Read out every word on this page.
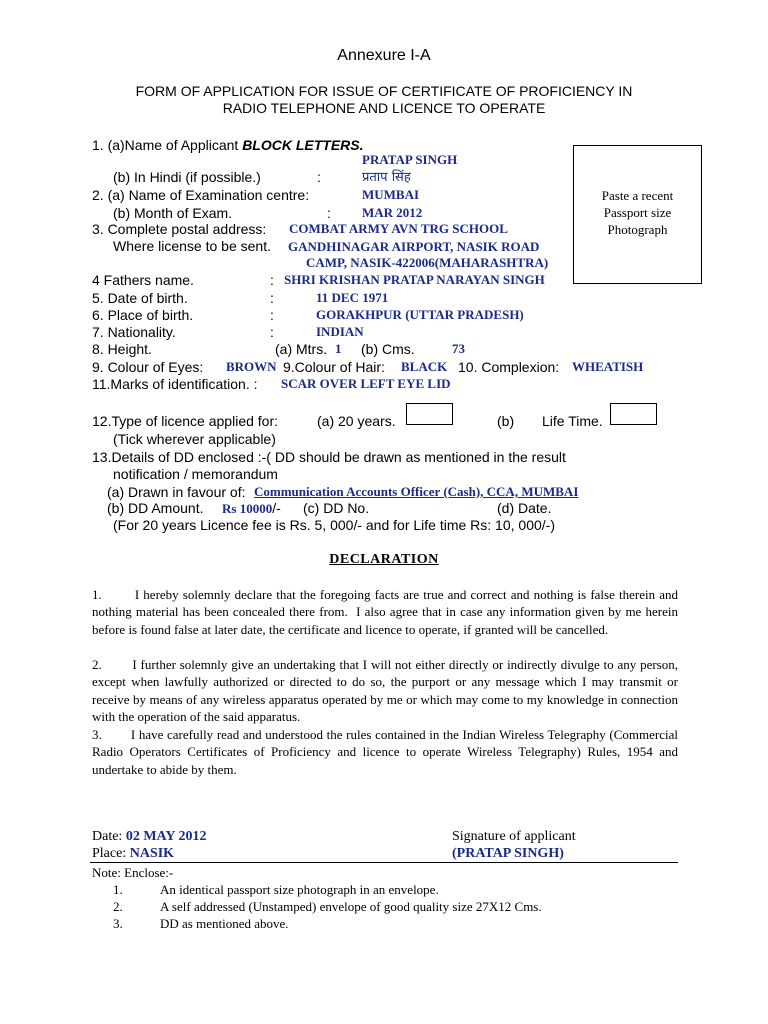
Annexure I-A
FORM OF APPLICATION FOR ISSUE OF CERTIFICATE OF PROFICIENCY IN
RADIO TELEPHONE AND LICENCE TO OPERATE
Paste a recent
Passport size
Photograph
1. (a)Name of Applicant BLOCK LETTERS.
PRATAP SINGH
(b) In Hindi (if possible.)	:	प्रताप सिंह
2. (a) Name of Examination centre:	MUMBAI
(b) Month of Exam.	: MAR 2012
3. Complete postal address: COMBAT ARMY AVN TRG SCHOOL
Where license to be sent. GANDHINAGAR AIRPORT, NASIK ROAD
CAMP, NASIK-422006(MAHARASHTRA)
4 Fathers name.	: SHRI KRISHAN PRATAP NARAYAN SINGH
5. Date of birth.	:	11 DEC 1971
6. Place of birth.	:	GORAKHPUR (UTTAR PRADESH)
7. Nationality.	:	INDIAN
8. Height.	(a) Mtrs. 1 (b) Cms.	73
9. Colour of Eyes: BROWN 9.Colour of Hair: BLACK 10. Complexion: WHEATISH
11.Marks of identification. : SCAR OVER LEFT EYE LID
12.Type of licence applied for:	(a) 20 years.	(b) Life Time.
(Tick wherever applicable)
13.Details of DD enclosed :-( DD should be drawn as mentioned in the result
notification / memorandum
(a) Drawn in favour of: Communication Accounts Officer (Cash), CCA, MUMBAI
(b) DD Amount. Rs 10000/- (c) DD No.	(d) Date.
(For 20 years Licence fee is Rs. 5, 000/- and for Life time Rs: 10, 000/-)
DECLARATION

1.        I hereby solemnly declare that the foregoing facts are true and correct and nothing is false therein and nothing material has been concealed there from.  I also agree that in case any information given by me herein before is found false at later date, the certificate and licence to operate, if granted will be cancelled.

2.        I further solemnly give an undertaking that I will not either directly or indirectly divulge to any person, except when lawfully authorized or directed to do so, the purport or any message which I may transmit or receive by means of any wireless apparatus operated by me or which may come to my knowledge in connection with the operation of the said apparatus.

3.        I have carefully read and understood the rules contained in the Indian Wireless Telegraphy (Commercial Radio Operators Certificates of Proficiency and licence to operate Wireless Telegraphy) Rules, 1954 and undertake to abide by them.

Date: 02 MAY 2012
Place: NASIK
Signature of applicant
(PRATAP SINGH)
Note: Enclose:-
1.	An identical passport size photograph in an envelope.
2.	A self addressed (Unstamped) envelope of good quality size 27X12 Cms.
3.	DD as mentioned above.
